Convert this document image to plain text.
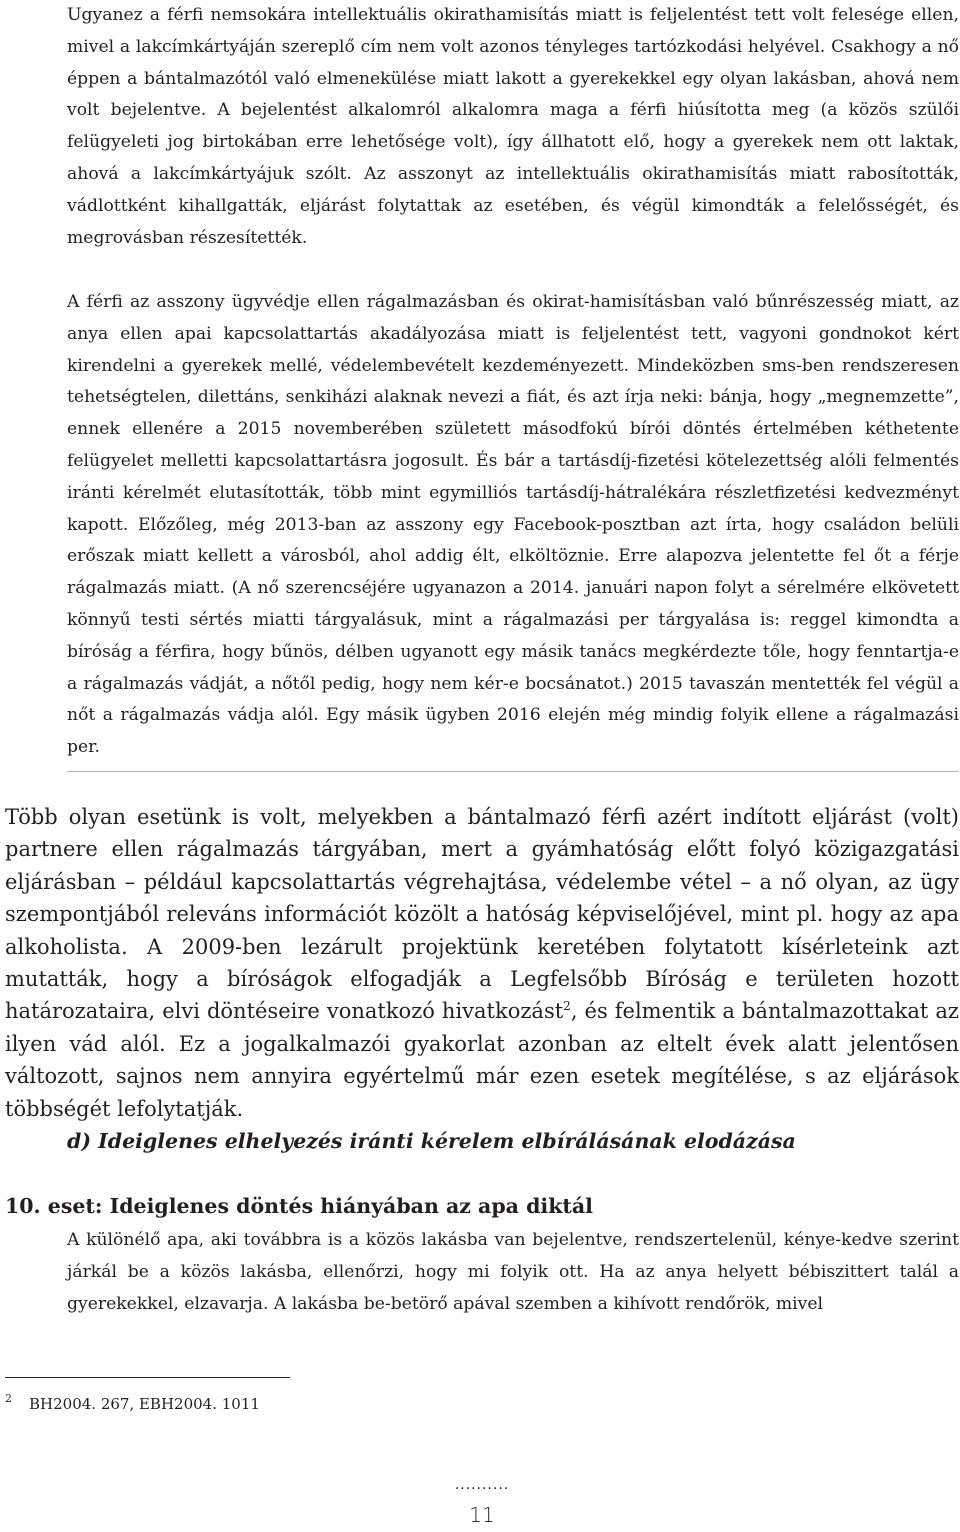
Ugyanez a férfi nemsokára intellektuális okirathamisítás miatt is feljelentést tett volt felesége ellen, mivel a lakcímkártyáján szereplő cím nem volt azonos tényleges tartózkodási helyével. Csakhogy a nő éppen a bántalmazótól való elmenekülése miatt lakott a gyerekekkel egy olyan lakásban, ahová nem volt bejelentve. A bejelentést alkalomról alkalomra maga a férfi hiúsította meg (a közös szülői felügyeleti jog birtokában erre lehetősége volt), így állhatott elő, hogy a gyerekek nem ott laktak, ahová a lakcímkártyájuk szólt. Az asszonyt az intellektuális okirathamisítás miatt rabosították, vádlottként kihallgatták, eljárást folytattak az esetében, és végül kimondták a felelősségét, és megrovásban részesítették.

A férfi az asszony ügyvédje ellen rágalmazásban és okirat-hamisításban való bűnrészesség miatt, az anya ellen apai kapcsolattartás akadályozása miatt is feljelentést tett, vagyoni gondnokot kért kirendelni a gyerekek mellé, védelembevételt kezdeményezett. Mindeközben sms-ben rendszeresen tehetségtelen, dilettáns, senkiházi alaknak nevezi a fiát, és azt írja neki: bánja, hogy „megnemzette”, ennek ellenére a 2015 novemberében született másodfokú bírói döntés értelmében kéthetente felügyelet melletti kapcsolattartásra jogosult. És bár a tartásdíj-fizetési kötelezettség alóli felmentés iránti kérelmét elutasították, több mint egymilliós tartásdíj-hátralékára részletfizetési kedvezményt kapott. Előzőleg, még 2013-ban az asszony egy Facebook-posztban azt írta, hogy családon belüli erőszak miatt kellett a városból, ahol addig élt, elköltöznie. Erre alapozva jelentette fel őt a férje rágalmazás miatt. (A nő szerencséjére ugyanazon a 2014. januári napon folyt a sérelmére elkövetett könnyű testi sértés miatti tárgyalásuk, mint a rágalmazási per tárgyalása is: reggel kimondta a bíróság a férfira, hogy bűnös, délben ugyanott egy másik tanács megkérdezte tőle, hogy fenntartja-e a rágalmazás vádját, a nőtől pedig, hogy nem kér-e bocsánatot.) 2015 tavaszán mentették fel végül a nőt a rágalmazás vádja alól. Egy másik ügyben 2016 elején még mindig folyik ellene a rágalmazási per.

Több olyan esetünk is volt, melyekben a bántalmazó férfi azért indított eljárást (volt) partnere ellen rágalmazás tárgyában, mert a gyámhatóság előtt folyó közigazgatási eljárásban – például kapcsolattartás végrehajtása, védelembe vétel – a nő olyan, az ügy szempontjából releváns információt közölt a hatóság képviselőjével, mint pl. hogy az apa alkoholista. A 2009-ben lezárult projektünk keretében folytatott kísérleteink azt mutatták, hogy a bíróságok elfogadják a Legfelsőbb Bíróság e területen hozott határozataira, elvi döntéseire vonatkozó hivatkozást$^2$, és felmentik a bántalmazottakat az ilyen vád alól. Ez a jogalkalmazói gyakorlat azonban az eltelt évek alatt jelentősen változott, sajnos nem annyira egyértelmű már ezen esetek megítélése, s az eljárások többségét lefolytatják.

d) Ideiglenes elhelyezés iránti kérelem elbírálásának elodázása
10. eset: Ideiglenes döntés hiányában az apa diktál

A különélő apa, aki továbbra is a közös lakásba van bejelentve, rendszertelenül, kénye-kedve szerint járkál be a közös lakásba, ellenőrzi, hogy mi folyik ott. Ha az anya helyett bébiszittert talál a gyerekekkel, elzavarja. A lakásba be-betörő apával szemben a kihívott rendőrök, mivel

2 BH2004. 267, EBH2004. 1011

..........
11
